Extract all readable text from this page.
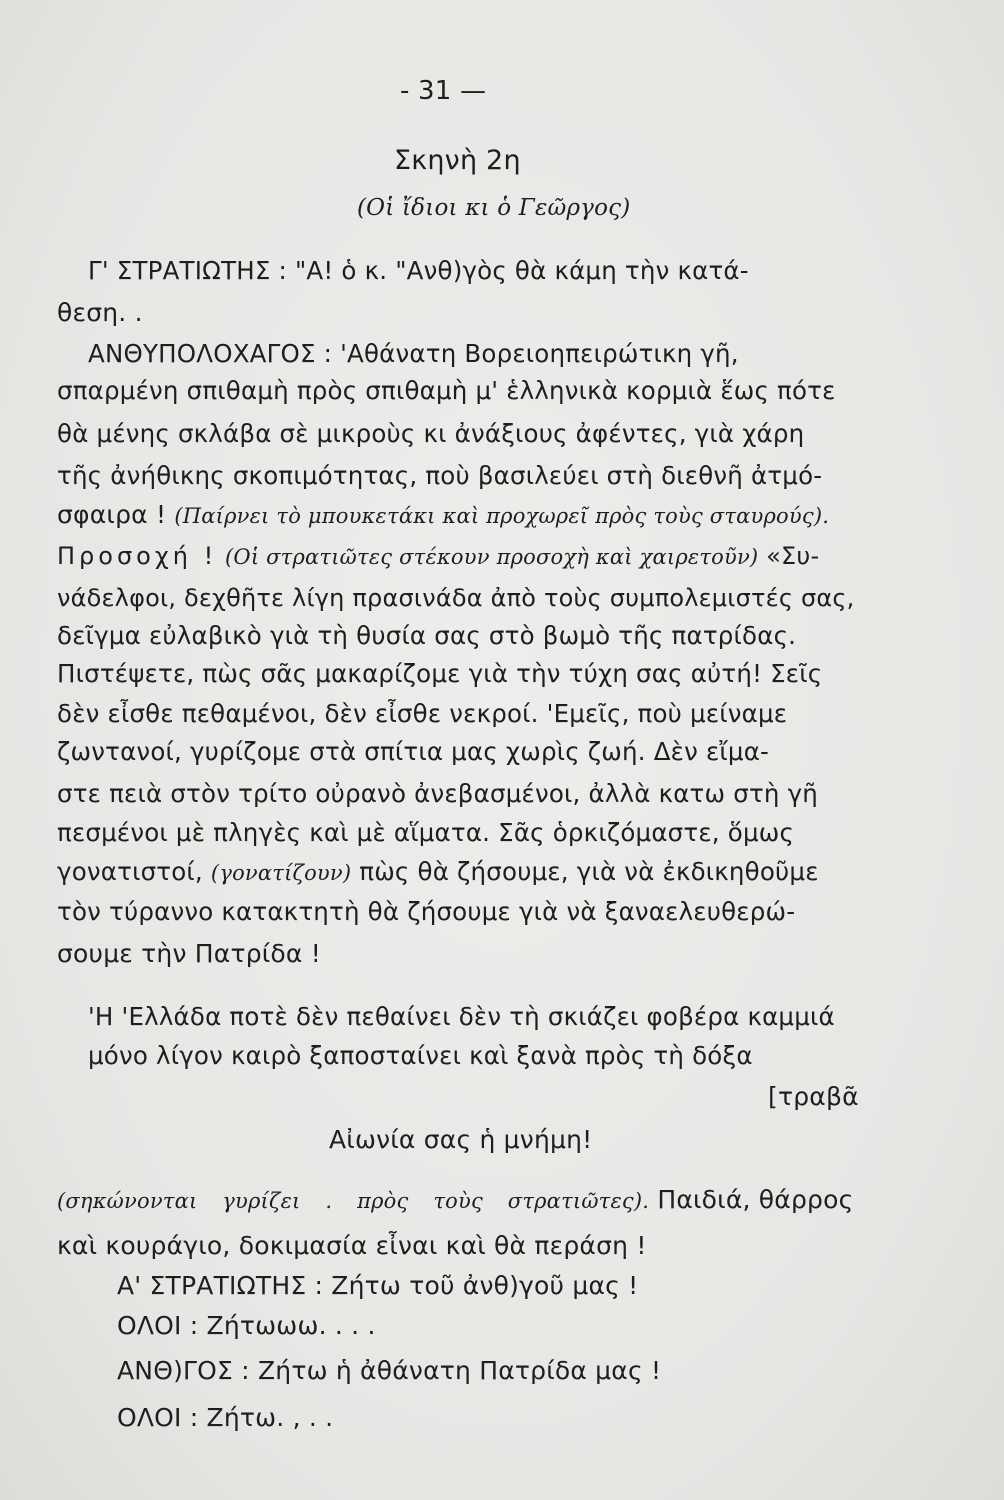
- 31 —
Σκηνὴ 2η
(Οἱ ἴδιοι κι ὁ Γεῶργος)
Γ' ΣΤΡΑΤΙΩΤΗΣ : "Α! ὁ κ. "Ανθ)γὸς θὰ κάμη τὴν κατά-
θεση. .
ΑΝΘΥΠΟΛΟΧΑΓΟΣ : 'Αθάνατη Βορειοηπειρώτικη γῆ,
σπαρμένη σπιθαμὴ πρὸς σπιθαμὴ μ' ἑλληνικὰ κορμιὰ ἕως πότε
θὰ μένης σκλάβα σὲ μικροὺς κι ἀνάξιους ἀφέντες, γιὰ χάρη
τῆς ἀνήθικης σκοπιμότητας, ποὺ βασιλεύει στὴ διεθνῆ ἀτμό-
σφαιρα ! (Παίρνει τὸ μπουκετάκι καὶ προχωρεῖ πρὸς τοὺς σταυρούς).
Προσοχή ! (Οἱ στρατιῶτες στέκουν προσοχὴ καὶ χαιρετοῦν) «Συ-
νάδελφοι, δεχθῆτε λίγη πρασινάδα ἀπὸ τοὺς συμπολεμιστές σας,
δεῖγμα εὐλαβικὸ γιὰ τὴ θυσία σας στὸ βωμὸ τῆς πατρίδας.
Πιστέψετε, πὼς σᾶς μακαρίζομε γιὰ τὴν τύχη σας αὐτή! Σεῖς
δὲν εἶσθε πεθαμένοι, δὲν εἶσθε νεκροί. 'Εμεῖς, ποὺ μείναμε
ζωντανοί, γυρίζομε στὰ σπίτια μας χωρὶς ζωή. Δὲν εἴμα-
στε πειὰ στὸν τρίτο οὐρανὸ ἀνεβασμένοι, ἀλλὰ κατω στὴ γῆ
πεσμένοι μὲ πληγὲς καὶ μὲ αἵματα. Σᾶς ὁρκιζόμαστε, ὅμως
γονατιστοί, (γονατίζουν) πὼς θὰ ζήσουμε, γιὰ νὰ ἐκδικηθοῦμε
τὸν τύραννο κατακτητὴ θὰ ζήσουμε γιὰ νὰ ξαναελευθερώ-
σουμε τὴν Πατρίδα !
'Η 'Ελλάδα ποτὲ δὲν πεθαίνει δὲν τὴ σκιάζει φοβέρα καμμιά
μόνο λίγον καιρὸ ξαποσταίνει καὶ ξανὰ πρὸς τὴ δόξα
[τραβᾶ
Αἰωνία σας ἡ μνήμη!
(σηκώνονται γυρίζει . πρὸς τοὺς στρατιῶτες). Παιδιά, θάρρος
καὶ κουράγιο, δοκιμασία εἶναι καὶ θὰ περάση !
Α' ΣΤΡΑΤΙΩΤΗΣ : Ζήτω τοῦ ἀνθ)γοῦ μας !
ΟΛΟΙ : Ζήτωωω. . . .
ΑΝΘ)ΓΟΣ : Ζήτω ἡ ἀθάνατη Πατρίδα μας !
ΟΛΟΙ : Ζήτω. , . .
